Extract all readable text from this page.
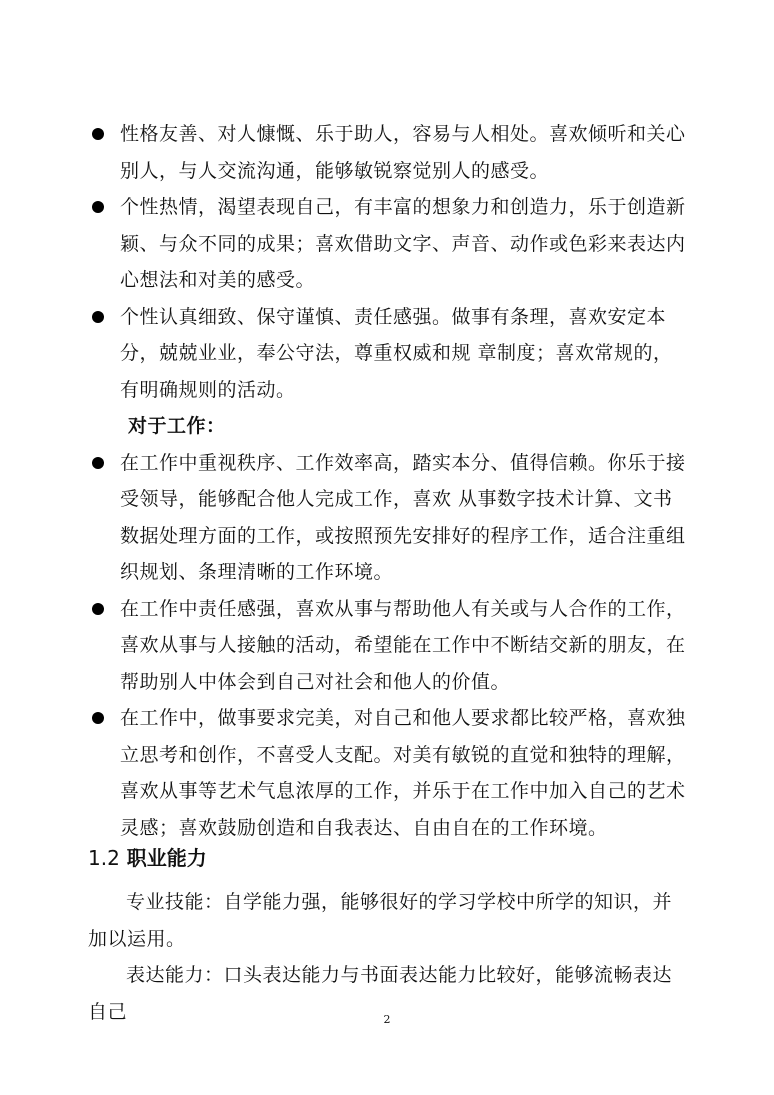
性格友善、对人慷慨、乐于助人，容易与人相处。喜欢倾听和关心别人，与人交流沟通，能够敏锐察觉别人的感受。
个性热情，渴望表现自己，有丰富的想象力和创造力，乐于创造新颖、与众不同的成果；喜欢借助文字、声音、动作或色彩来表达内心想法和对美的感受。
个性认真细致、保守谨慎、责任感强。做事有条理，喜欢安定本分，兢兢业业，奉公守法，尊重权威和规 章制度；喜欢常规的，有明确规则的活动。
对于工作：
在工作中重视秩序、工作效率高，踏实本分、值得信赖。你乐于接受领导，能够配合他人完成工作，喜欢 从事数字技术计算、文书数据处理方面的工作，或按照预先安排好的程序工作，适合注重组织规划、条理清晰的工作环境。
在工作中责任感强，喜欢从事与帮助他人有关或与人合作的工作，喜欢从事与人接触的活动，希望能在工作中不断结交新的朋友，在帮助别人中体会到自己对社会和他人的价值。
在工作中，做事要求完美，对自己和他人要求都比较严格，喜欢独立思考和创作，不喜受人支配。对美有敏锐的直觉和独特的理解，喜欢从事等艺术气息浓厚的工作，并乐于在工作中加入自己的艺术灵感；喜欢鼓励创造和自我表达、自由自在的工作环境。
1.2 职业能力

专业技能：自学能力强，能够很好的学习学校中所学的知识，并加以运用。

表达能力：口头表达能力与书面表达能力比较好，能够流畅表达自己	2
